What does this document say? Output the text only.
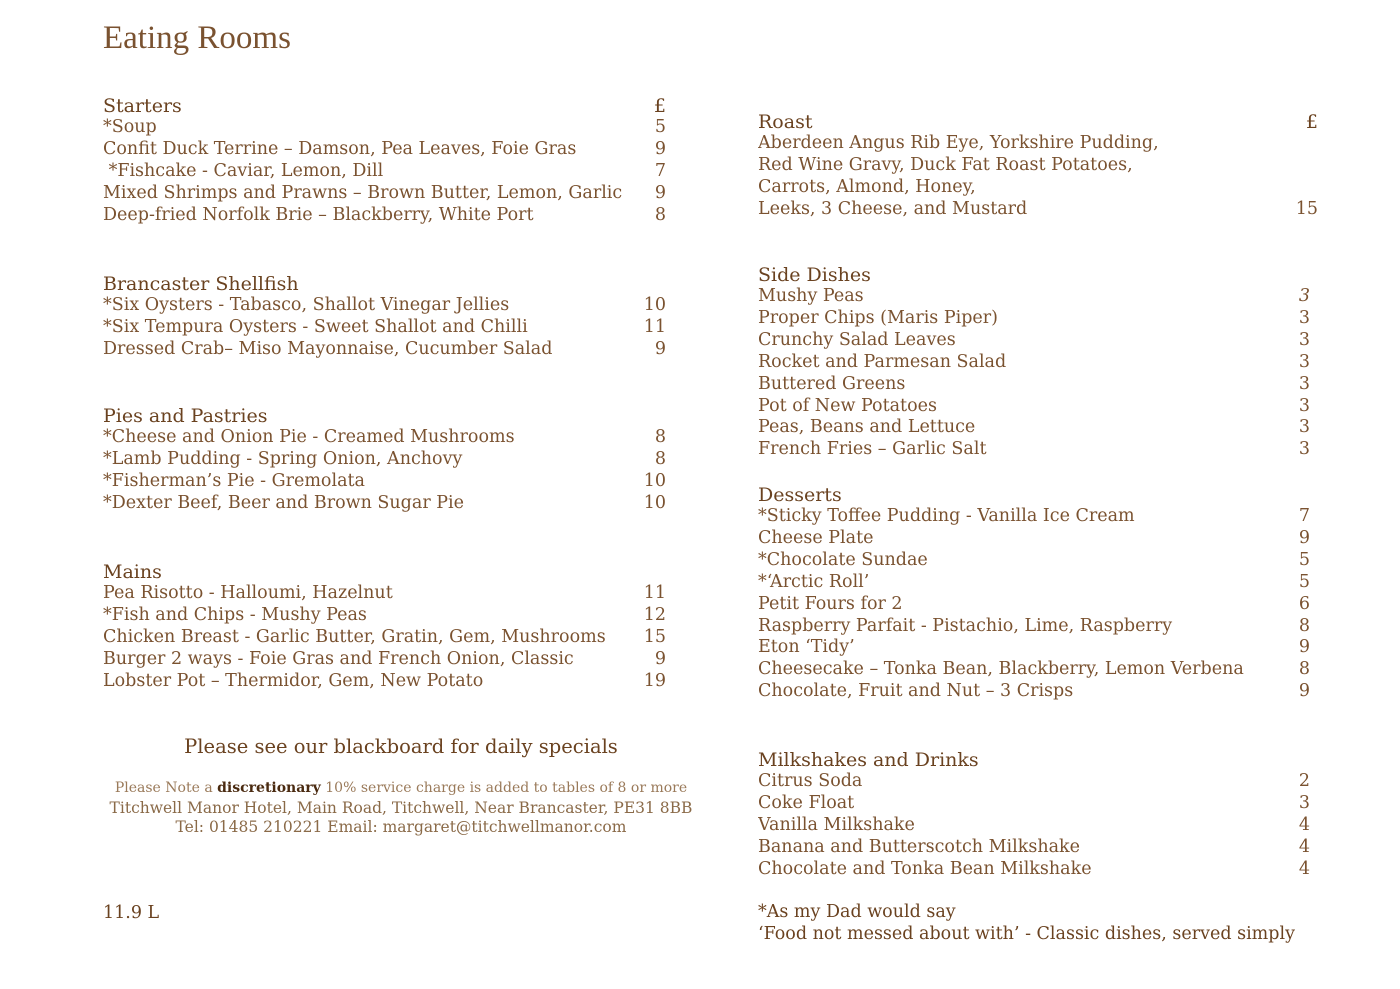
Eating Rooms
Starters	£
*Soup	5
Confit Duck Terrine – Damson, Pea Leaves, Foie Gras	9
*Fishcake - Caviar, Lemon, Dill	7
Mixed Shrimps and Prawns – Brown Butter, Lemon, Garlic	9
Deep-fried Norfolk Brie – Blackberry, White Port	8
Brancaster Shellfish
*Six Oysters - Tabasco, Shallot Vinegar Jellies	10
*Six Tempura Oysters - Sweet Shallot and Chilli	11
Dressed Crab– Miso Mayonnaise, Cucumber Salad	9
Pies and Pastries
*Cheese and Onion Pie - Creamed Mushrooms	8
*Lamb Pudding - Spring Onion, Anchovy	8
*Fisherman’s Pie - Gremolata	10
*Dexter Beef, Beer and Brown Sugar Pie	10
Mains
Pea Risotto - Halloumi, Hazelnut	11
*Fish and Chips - Mushy Peas	12
Chicken Breast - Garlic Butter, Gratin, Gem, Mushrooms	15
Burger 2 ways - Foie Gras and French Onion, Classic	9
Lobster Pot – Thermidor, Gem, New Potato	19
Please see our blackboard for daily specials
Please Note a discretionary 10% service charge is added to tables of 8 or more
Titchwell Manor Hotel, Main Road, Titchwell, Near Brancaster, PE31 8BB
Tel: 01485 210221 Email: margaret@titchwellmanor.com
11.9 L
Roast	£
Aberdeen Angus Rib Eye, Yorkshire Pudding,
Red Wine Gravy, Duck Fat Roast Potatoes,
Carrots, Almond, Honey,
Leeks, 3 Cheese, and Mustard	15
Side Dishes
Mushy Peas	3
Proper Chips (Maris Piper)	3
Crunchy Salad Leaves	3
Rocket and Parmesan Salad	3
Buttered Greens	3
Pot of New Potatoes	3
Peas, Beans and Lettuce	3
French Fries – Garlic Salt	3
Desserts
*Sticky Toffee Pudding - Vanilla Ice Cream	7
Cheese Plate	9
*Chocolate Sundae	5
*‘Arctic Roll’	5
Petit Fours for 2	6
Raspberry Parfait - Pistachio, Lime, Raspberry	8
Eton ‘Tidy’	9
Cheesecake – Tonka Bean, Blackberry, Lemon Verbena	8
Chocolate, Fruit and Nut – 3 Crisps	9
Milkshakes and Drinks
Citrus Soda	2
Coke Float	3
Vanilla Milkshake	4
Banana and Butterscotch Milkshake	4
Chocolate and Tonka Bean Milkshake	4
*As my Dad would say
‘Food not messed about with’ - Classic dishes, served simply
